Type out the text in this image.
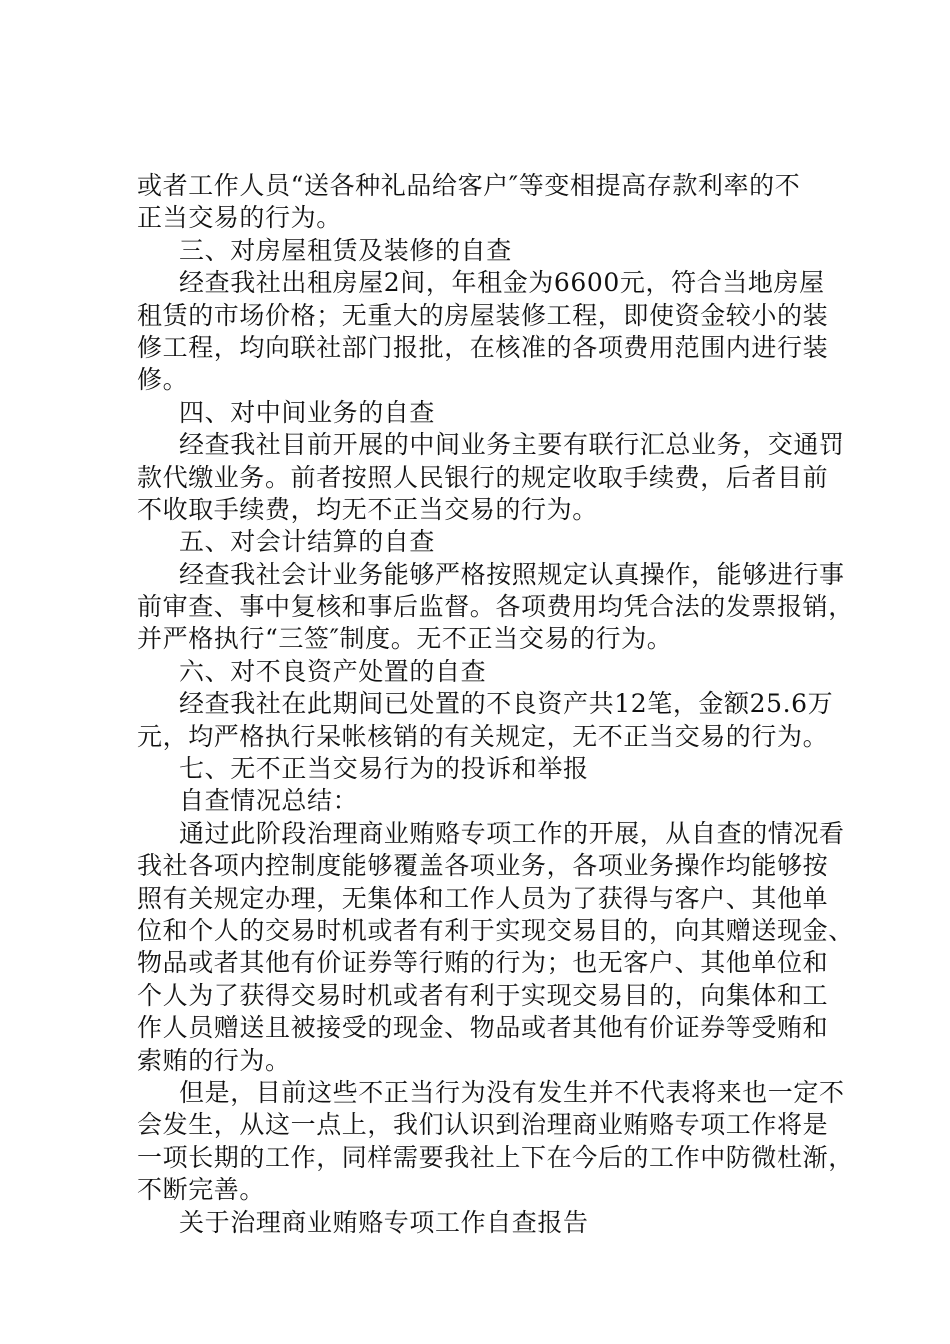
或者工作人员“送各种礼品给客户″等变相提高存款利率的不
正当交易的行为。
三、对房屋租赁及装修的自查
经查我社出租房屋2间，年租金为6600元，符合当地房屋
租赁的市场价格；无重大的房屋装修工程，即使资金较小的装
修工程，均向联社部门报批，在核准的各项费用范围内进行装
修。
四、对中间业务的自查
经查我社目前开展的中间业务主要有联行汇总业务，交通罚
款代缴业务。前者按照人民银行的规定收取手续费，后者目前
不收取手续费，均无不正当交易的行为。
五、对会计结算的自查
经查我社会计业务能够严格按照规定认真操作，能够进行事
前审查、事中复核和事后监督。各项费用均凭合法的发票报销，
并严格执行“三签″制度。无不正当交易的行为。
六、对不良资产处置的自查
经查我社在此期间已处置的不良资产共12笔，金额25.6万
元，均严格执行呆帐核销的有关规定，无不正当交易的行为。
七、无不正当交易行为的投诉和举报
自查情况总结：
通过此阶段治理商业贿赂专项工作的开展，从自查的情况看
我社各项内控制度能够覆盖各项业务，各项业务操作均能够按
照有关规定办理，无集体和工作人员为了获得与客户、其他单
位和个人的交易时机或者有利于实现交易目的，向其赠送现金、
物品或者其他有价证券等行贿的行为；也无客户、其他单位和
个人为了获得交易时机或者有利于实现交易目的，向集体和工
作人员赠送且被接受的现金、物品或者其他有价证券等受贿和
索贿的行为。
但是，目前这些不正当行为没有发生并不代表将来也一定不
会发生，从这一点上，我们认识到治理商业贿赂专项工作将是
一项长期的工作，同样需要我社上下在今后的工作中防微杜渐，
不断完善。
关于治理商业贿赂专项工作自查报告
